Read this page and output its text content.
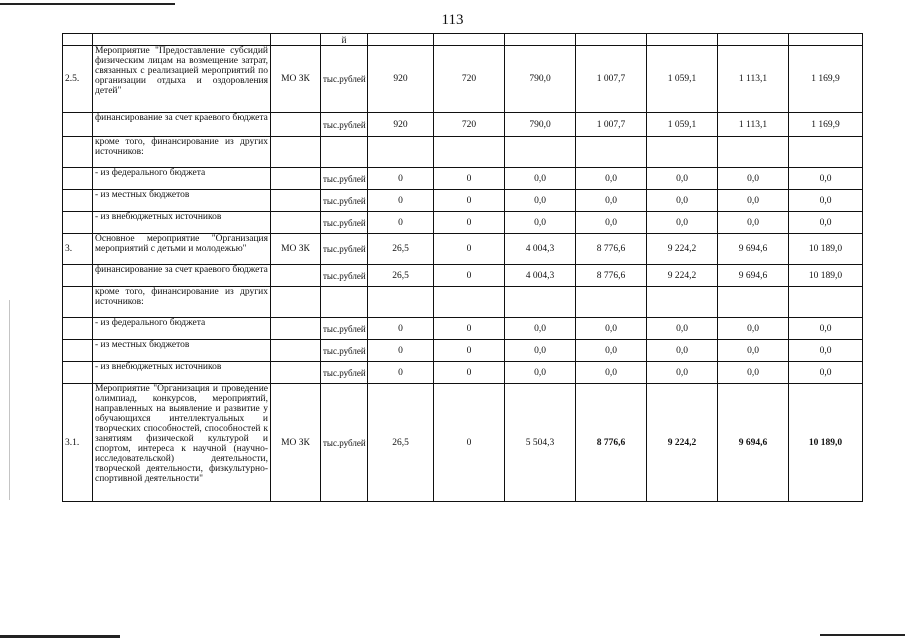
113
			й							
2.5.	Мероприятие "Предоставление субсидий физическим лицам на возмещение затрат, связанных с реализацией мероприятий по организации отдыха и оздоровления детей"	МО ЗК	тыс.рублей	920	720	790,0	1 007,7	1 059,1	1 113,1	1 169,9
	финансирование за счет краевого бюджета		тыс.рублей	920	720	790,0	1 007,7	1 059,1	1 113,1	1 169,9
	кроме того, финансирование из других источников:									
	- из федерального бюджета		тыс.рублей	0	0	0,0	0,0	0,0	0,0	0,0
	- из местных бюджетов		тыс.рублей	0	0	0,0	0,0	0,0	0,0	0,0
	- из внебюджетных источников		тыс.рублей	0	0	0,0	0,0	0,0	0,0	0,0
3.	Основное мероприятие "Организация мероприятий с детьми и молодежью"	МО ЗК	тыс.рублей	26,5	0	4 004,3	8 776,6	9 224,2	9 694,6	10 189,0
	финансирование за счет краевого бюджета		тыс.рублей	26,5	0	4 004,3	8 776,6	9 224,2	9 694,6	10 189,0
	кроме того, финансирование из других источников:									
	- из федерального бюджета		тыс.рублей	0	0	0,0	0,0	0,0	0,0	0,0
	- из местных бюджетов		тыс.рублей	0	0	0,0	0,0	0,0	0,0	0,0
	- из внебюджетных источников		тыс.рублей	0	0	0,0	0,0	0,0	0,0	0,0
3.1.	Мероприятие "Организация и проведение олимпиад, конкурсов, мероприятий, направленных на выявление и развитие у обучающихся интеллектуальных и творческих способностей, способностей к занятиям физической культурой и спортом, интереса к научной (научно-исследовательской) деятельности, творческой деятельности, физкультурно-спортивной деятельности"	МО ЗК	тыс.рублей	26,5	0	5 504,3	8 776,6	9 224,2	9 694,6	10 189,0
